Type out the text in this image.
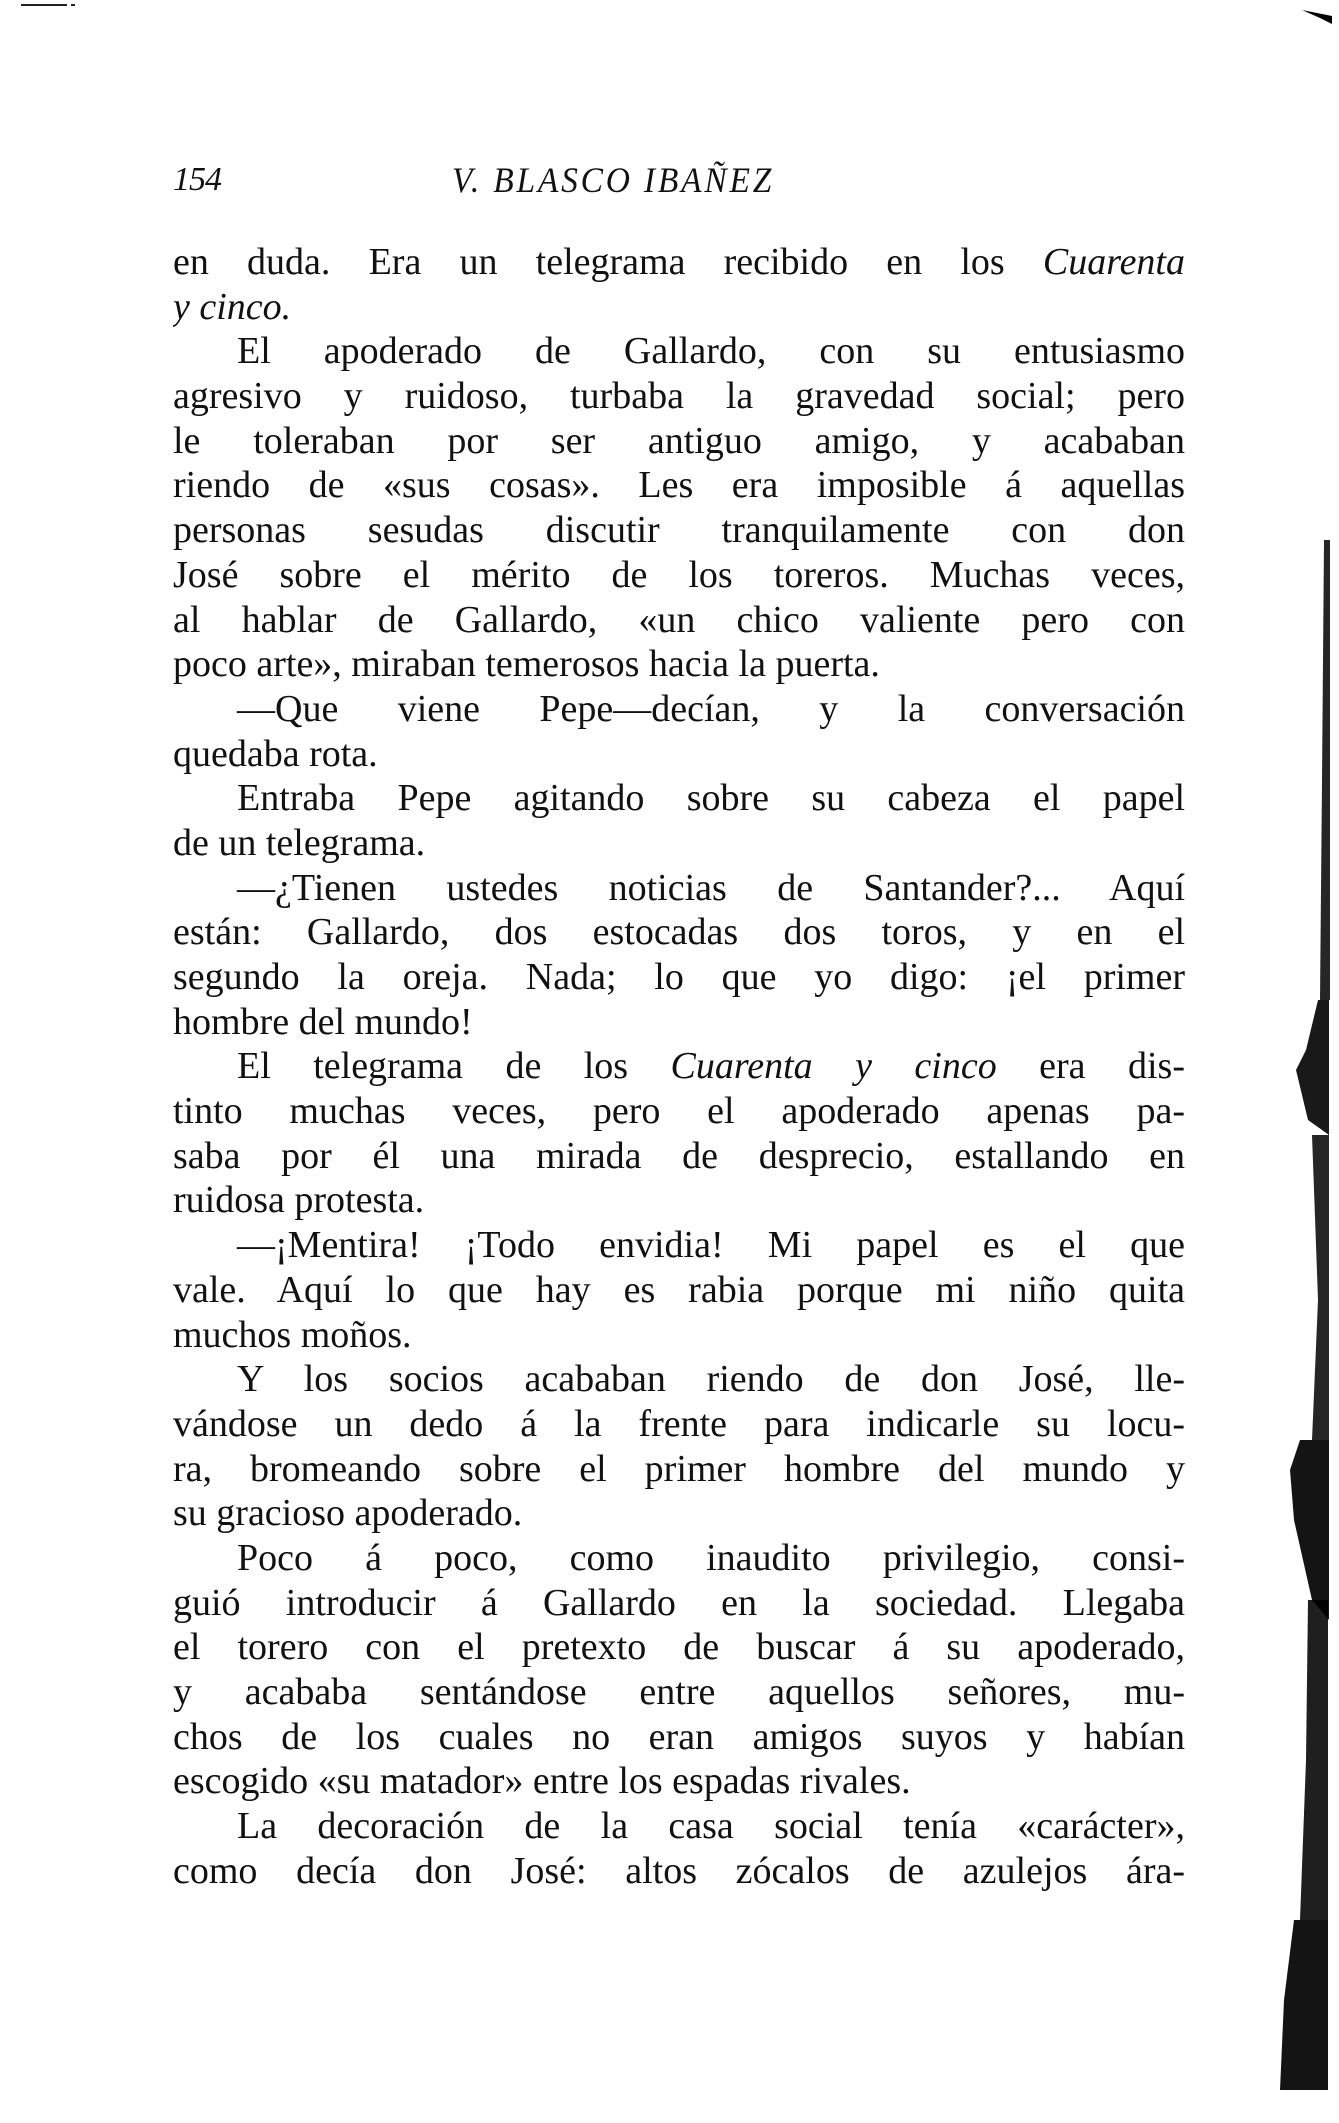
154	V. BLASCO IBAÑEZ
en duda. Era un telegrama recibido en los Cuarenta
y cinco.
El apoderado de Gallardo, con su entusiasmo
agresivo y ruidoso, turbaba la gravedad social; pero
le toleraban por ser antiguo amigo, y acababan
riendo de «sus cosas». Les era imposible á aquellas
personas sesudas discutir tranquilamente con don
José sobre el mérito de los toreros. Muchas veces,
al hablar de Gallardo, «un chico valiente pero con
poco arte», miraban temerosos hacia la puerta.
—Que viene Pepe—decían, y la conversación
quedaba rota.
Entraba Pepe agitando sobre su cabeza el papel
de un telegrama.
—¿Tienen ustedes noticias de Santander?... Aquí
están: Gallardo, dos estocadas dos toros, y en el
segundo la oreja. Nada; lo que yo digo: ¡el primer
hombre del mundo!
El telegrama de los Cuarenta y cinco era dis-
tinto muchas veces, pero el apoderado apenas pa-
saba por él una mirada de desprecio, estallando en
ruidosa protesta.
—¡Mentira! ¡Todo envidia! Mi papel es el que
vale. Aquí lo que hay es rabia porque mi niño quita
muchos moños.
Y los socios acababan riendo de don José, lle-
vándose un dedo á la frente para indicarle su locu-
ra, bromeando sobre el primer hombre del mundo y
su gracioso apoderado.
Poco á poco, como inaudito privilegio, consi-
guió introducir á Gallardo en la sociedad. Llegaba
el torero con el pretexto de buscar á su apoderado,
y acababa sentándose entre aquellos señores, mu-
chos de los cuales no eran amigos suyos y habían
escogido «su matador» entre los espadas rivales.
La decoración de la casa social tenía «carácter»,
como decía don José: altos zócalos de azulejos ára-
